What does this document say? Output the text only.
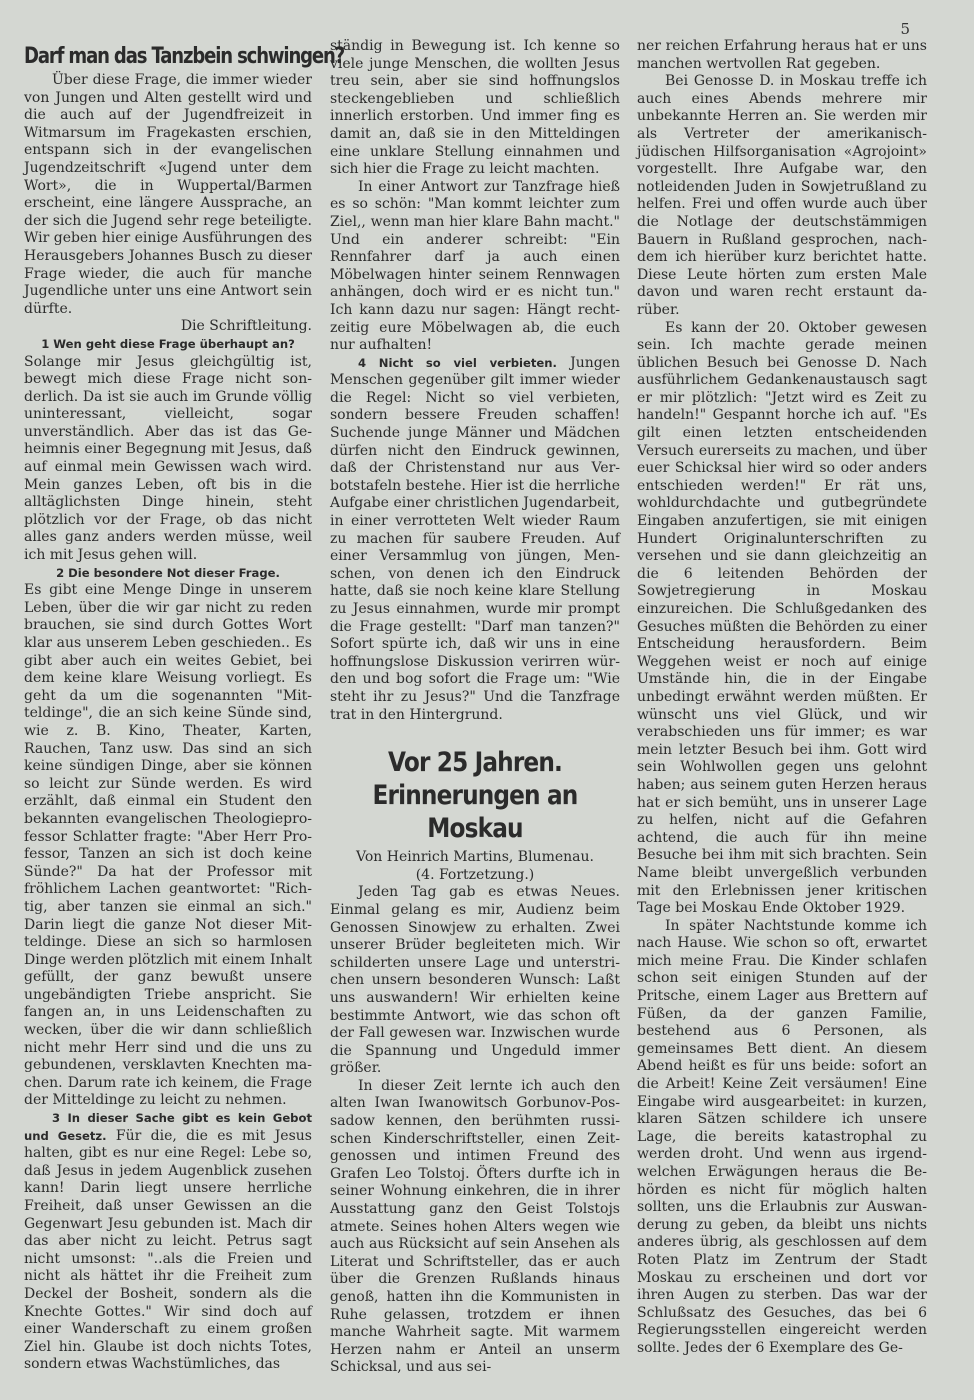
5
Darf man das Tanzbein schwingen?

Über diese Frage, die immer wieder von Jungen und Alten gestellt wird und die auch auf der Jugendfreizeit in Witmarsum im Fragekasten erschien, entspann sich in der evangelischen Jugendzeitschrift «Jugend unter dem Wort», die in Wuppertal/Barmen erscheint, eine längere Aussprache, an der sich die Jugend sehr rege beteiligte. Wir geben hier einige Ausführungen des Herausgebers Johannes Busch zu dieser Frage wieder, die auch für manche Jugendliche unter uns eine Antwort sein dürfte.

Die Schriftleitung.

1 Wen geht diese Frage überhaupt an?

Solange mir Jesus gleichgültig ist, bewegt mich diese Frage nicht sonderlich. Da ist sie auch im Grunde völlig uninteressant, vielleicht, sogar unverständlich. Aber das ist das Geheimnis einer Begegnung mit Jesus, daß auf einmal mein Gewissen wach wird. Mein ganzes Leben, oft bis in die alltäglichsten Dinge hinein, steht plötzlich vor der Frage, ob das nicht alles ganz anders werden müsse, weil ich mit Jesus gehen will.

2 Die besondere Not dieser Frage.

Es gibt eine Menge Dinge in unserem Leben, über die wir gar nicht zu reden brauchen, sie sind durch Gottes Wort klar aus unserem Leben geschieden.. Es gibt aber auch ein weites Gebiet, bei dem keine klare Weisung vorliegt. Es geht da um die sogenannten "Mitteldinge", die an sich keine Sünde sind, wie z. B. Kino, Theater, Karten, Rauchen, Tanz usw. Das sind an sich keine sündigen Dinge, aber sie können so leicht zur Sünde werden. Es wird erzählt, daß einmal ein Student den bekannten evangelischen Theologieprofessor Schlatter fragte: "Aber Herr Professor, Tanzen an sich ist doch keine Sünde?" Da hat der Professor mit fröhlichem Lachen geantwortet: "Richtig, aber tanzen sie einmal an sich." Darin liegt die ganze Not dieser Mitteldinge. Diese an sich so harmlosen Dinge werden plötzlich mit einem Inhalt gefüllt, der ganz bewußt unsere ungebändigten Triebe anspricht. Sie fangen an, in uns Leidenschaften zu wecken, über die wir dann schließlich nicht mehr Herr sind und die uns zu gebundenen, versklavten Knechten machen. Darum rate ich keinem, die Frage der Mitteldinge zu leicht zu nehmen.

3 In dieser Sache gibt es kein Gebot und Gesetz. Für die, die es mit Jesus halten, gibt es nur eine Regel: Lebe so, daß Jesus in jedem Augenblick zusehen kann! Darin liegt unsere herrliche Freiheit, daß unser Gewissen an die Gegenwart Jesu gebunden ist. Mach dir das aber nicht zu leicht. Petrus sagt nicht umsonst: "..als die Freien und nicht als hättet ihr die Freiheit zum Deckel der Bosheit, sondern als die Knechte Gottes." Wir sind doch auf einer Wanderschaft zu einem großen Ziel hin. Glaube ist doch nichts Totes, sondern etwas Wachstümliches, das

ständig in Bewegung ist. Ich kenne so viele junge Menschen, die wollten Jesus treu sein, aber sie sind hoffnungslos steckengeblieben und schließlich innerlich erstorben. Und immer fing es damit an, daß sie in den Mitteldingen eine unklare Stellung einnahmen und sich hier die Frage zu leicht machten.

In einer Antwort zur Tanzfrage hieß es so schön: "Man kommt leichter zum Ziel,, wenn man hier klare Bahn macht." Und ein anderer schreibt: "Ein Rennfahrer darf ja auch einen Möbelwagen hinter seinem Rennwagen anhängen, doch wird er es nicht tun." Ich kann dazu nur sagen: Hängt rechtzeitig eure Möbelwagen ab, die euch nur aufhalten!

4 Nicht so viel verbieten. Jungen Menschen gegenüber gilt immer wieder die Regel: Nicht so viel verbieten, sondern bessere Freuden schaffen! Suchende junge Männer und Mädchen dürfen nicht den Eindruck gewinnen, daß der Christenstand nur aus Verbotstafeln bestehe. Hier ist die herrliche Aufgabe einer christlichen Jugendarbeit, in einer verrotteten Welt wieder Raum zu machen für saubere Freuden. Auf einer Versammlug von jüngen, Menschen, von denen ich den Eindruck hatte, daß sie noch keine klare Stellung zu Jesus einnahmen, wurde mir prompt die Frage gestellt: "Darf man tanzen?" Sofort spürte ich, daß wir uns in eine hoffnungslose Diskussion verirren würden und bog sofort die Frage um: "Wie steht ihr zu Jesus?" Und die Tanzfrage trat in den Hintergrund.

Vor 25 Jahren.
Erinnerungen an Moskau

Von Heinrich Martins, Blumenau.

(4. Fortzetzung.)

Jeden Tag gab es etwas Neues. Einmal gelang es mir, Audienz beim Genossen Sinowjew zu erhalten. Zwei unserer Brüder begleiteten mich. Wir schilderten unsere Lage und unterstrichen unsern besonderen Wunsch: Laßt uns auswandern! Wir erhielten keine bestimmte Antwort, wie das schon oft der Fall gewesen war. Inzwischen wurde die Spannung und Ungeduld immer größer.

In dieser Zeit lernte ich auch den alten Iwan Iwanowitsch Gorbunov-Possadow kennen, den berühmten russischen Kinderschriftsteller, einen Zeitgenossen und intimen Freund des Grafen Leo Tolstoj. Öfters durfte ich in seiner Wohnung einkehren, die in ihrer Ausstattung ganz den Geist Tolstojs atmete. Seines hohen Alters wegen wie auch aus Rücksicht auf sein Ansehen als Literat und Schriftsteller, das er auch über die Grenzen Rußlands hinaus genoß, hatten ihn die Kommunisten in Ruhe gelassen, trotzdem er ihnen manche Wahrheit sagte. Mit warmem Herzen nahm er Anteil an unserm Schicksal, und aus sei-

ner reichen Erfahrung heraus hat er uns manchen wertvollen Rat gegeben.

Bei Genosse D. in Moskau treffe ich auch eines Abends mehrere mir unbekannte Herren an. Sie werden mir als Vertreter der amerikanisch-jüdischen Hilfsorganisation «Agrojoint» vorgestellt. Ihre Aufgabe war, den notleidenden Juden in Sowjetrußland zu helfen. Frei und offen wurde auch über die Notlage der deutschstämmigen Bauern in Rußland gesprochen, nachdem ich hierüber kurz berichtet hatte. Diese Leute hörten zum ersten Male davon und waren recht erstaunt darüber.

Es kann der 20. Oktober gewesen sein. Ich machte gerade meinen üblichen Besuch bei Genosse D. Nach ausführlichem Gedankenaustausch sagt er mir plötzlich: "Jetzt wird es Zeit zu handeln!" Gespannt horche ich auf. "Es gilt einen letzten entscheidenden Versuch eurerseits zu machen, und über euer Schicksal hier wird so oder anders entschieden werden!" Er rät uns, wohldurchdachte und gutbegründete Eingaben anzufertigen, sie mit einigen Hundert Originalunterschriften zu versehen und sie dann gleichzeitig an die 6 leitenden Behörden der Sowjetregierung in Moskau einzureichen. Die Schlußgedanken des Gesuches müßten die Behörden zu einer Entscheidung herausfordern. Beim Weggehen weist er noch auf einige Umstände hin, die in der Eingabe unbedingt erwähnt werden müßten. Er wünscht uns viel Glück, und wir verabschieden uns für immer; es war mein letzter Besuch bei ihm. Gott wird sein Wohlwollen gegen uns gelohnt haben; aus seinem guten Herzen heraus hat er sich bemüht, uns in unserer Lage zu helfen, nicht auf die Gefahren achtend, die auch für ihn meine Besuche bei ihm mit sich brachten. Sein Name bleibt unvergeßlich verbunden mit den Erlebnissen jener kritischen Tage bei Moskau Ende Oktober 1929.

In später Nachtstunde komme ich nach Hause. Wie schon so oft, erwartet mich meine Frau. Die Kinder schlafen schon seit einigen Stunden auf der Pritsche, einem Lager aus Brettern auf Füßen, da der ganzen Familie, bestehend aus 6 Personen, als gemeinsames Bett dient. An diesem Abend heißt es für uns beide: sofort an die Arbeit! Keine Zeit versäumen! Eine Eingabe wird ausgearbeitet: in kurzen, klaren Sätzen schildere ich unsere Lage, die bereits katastrophal zu werden droht. Und wenn aus irgendwelchen Erwägungen heraus die Behörden es nicht für möglich halten sollten, uns die Erlaubnis zur Auswanderung zu geben, da bleibt uns nichts anderes übrig, als geschlossen auf dem Roten Platz im Zentrum der Stadt Moskau zu erscheinen und dort vor ihren Augen zu sterben. Das war der Schlußsatz des Gesuches, das bei 6 Regierungsstellen eingereicht werden sollte. Jedes der 6 Exemplare des Ge-
